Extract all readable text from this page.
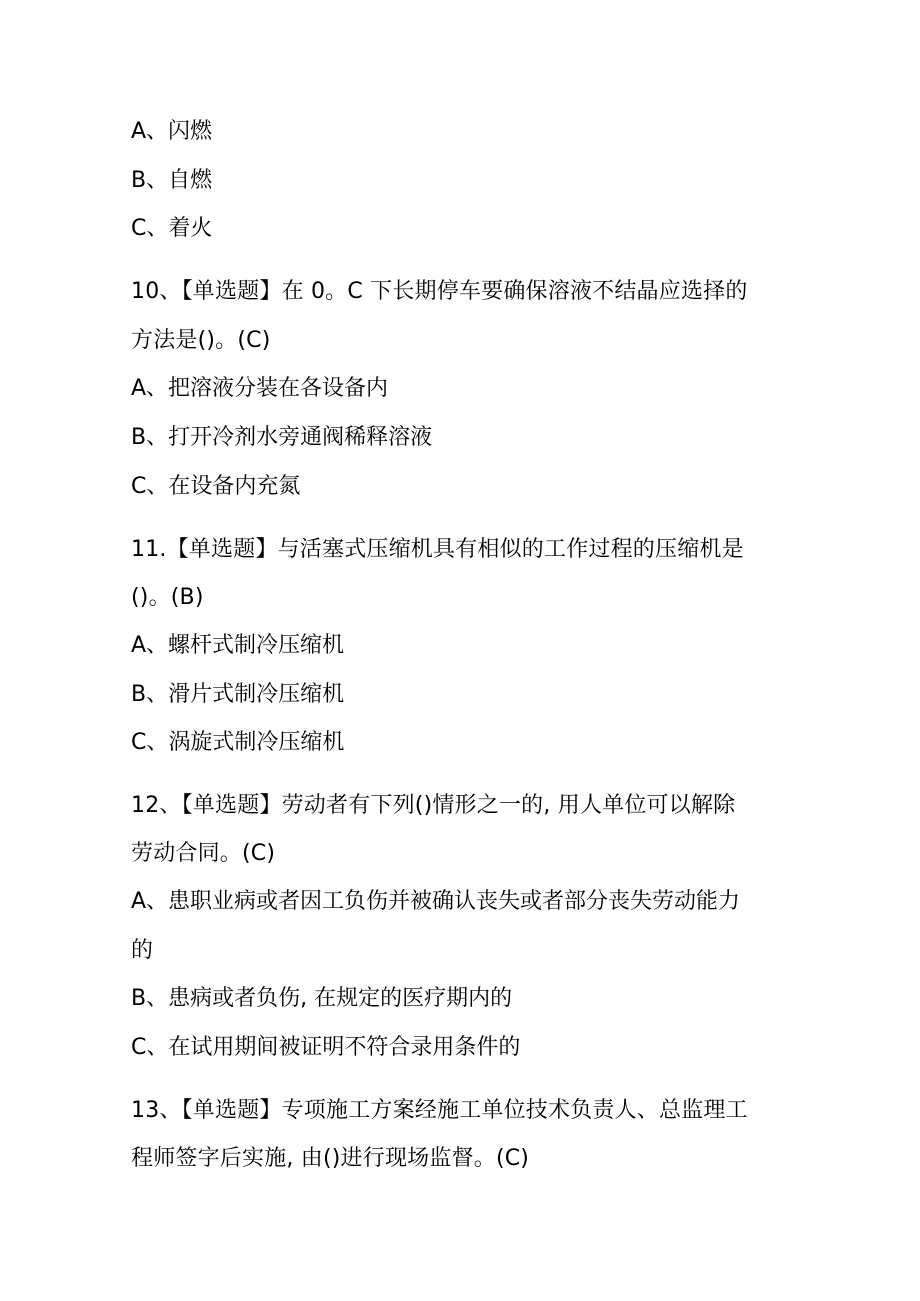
A、闪燃
B、自燃
C、着火
10、【单选题】在 0。C 下长期停车要确保溶液不结晶应选择的
方法是()。(C)
A、把溶液分装在各设备内
B、打开冷剂水旁通阀稀释溶液
C、在设备内充氮
11.【单选题】与活塞式压缩机具有相似的工作过程的压缩机是
()。(B)
A、螺杆式制冷压缩机
B、滑片式制冷压缩机
C、涡旋式制冷压缩机
12、【单选题】劳动者有下列()情形之一的, 用人单位可以解除
劳动合同。(C)
A、患职业病或者因工负伤并被确认丧失或者部分丧失劳动能力
的
B、患病或者负伤, 在规定的医疗期内的
C、在试用期间被证明不符合录用条件的
13、【单选题】专项施工方案经施工单位技术负责人、总监理工
程师签字后实施, 由()进行现场监督。(C)
